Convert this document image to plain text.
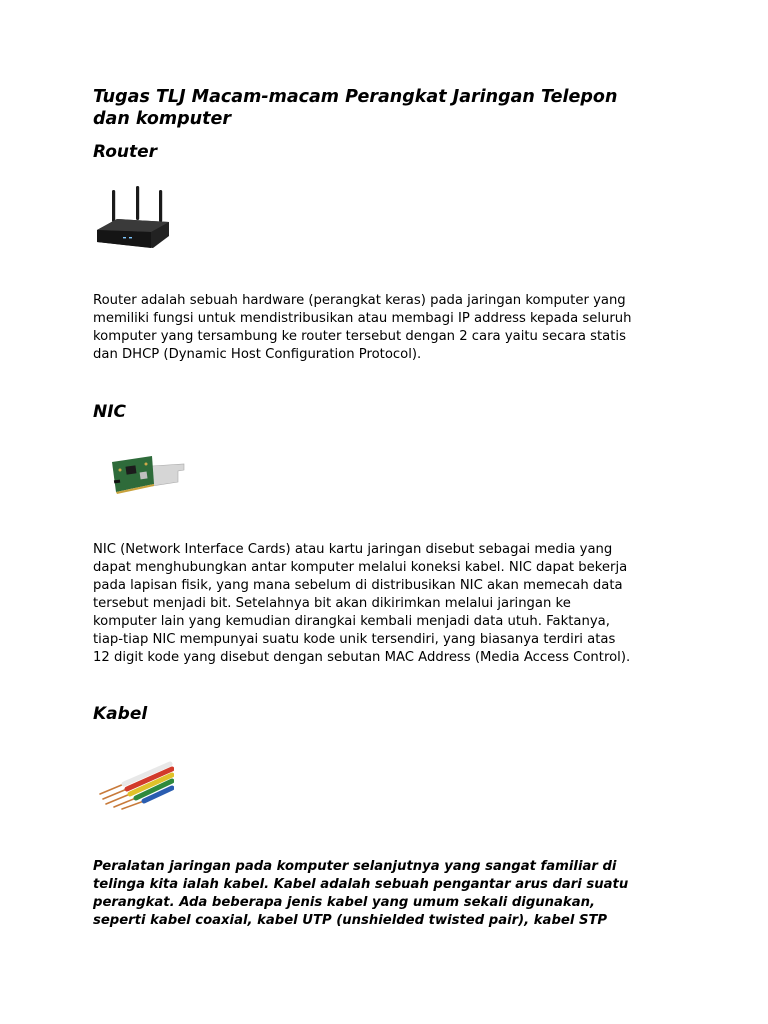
Tugas TLJ Macam-macam Perangkat Jaringan Telepon
dan komputer

Router

Router adalah sebuah hardware (perangkat keras) pada jaringan komputer yang
memiliki fungsi untuk mendistribusikan atau membagi IP address kepada seluruh
komputer yang tersambung ke router tersebut dengan 2 cara yaitu secara statis
dan DHCP (Dynamic Host Configuration Protocol).

NIC

NIC (Network Interface Cards) atau kartu jaringan disebut sebagai media yang
dapat menghubungkan antar komputer melalui koneksi kabel. NIC dapat bekerja
pada lapisan fisik, yang mana sebelum di distribusikan NIC akan memecah data
tersebut menjadi bit. Setelahnya bit akan dikirimkan melalui jaringan ke
komputer lain yang kemudian dirangkai kembali menjadi data utuh. Faktanya,
tiap-tiap NIC mempunyai suatu kode unik tersendiri, yang biasanya terdiri atas
12 digit kode yang disebut dengan sebutan MAC Address (Media Access Control).

Kabel

Peralatan jaringan pada komputer selanjutnya yang sangat familiar di
telinga kita ialah kabel. Kabel adalah sebuah pengantar arus dari suatu
perangkat. Ada beberapa jenis kabel yang umum sekali digunakan,
seperti kabel coaxial, kabel UTP (unshielded twisted pair), kabel STP
